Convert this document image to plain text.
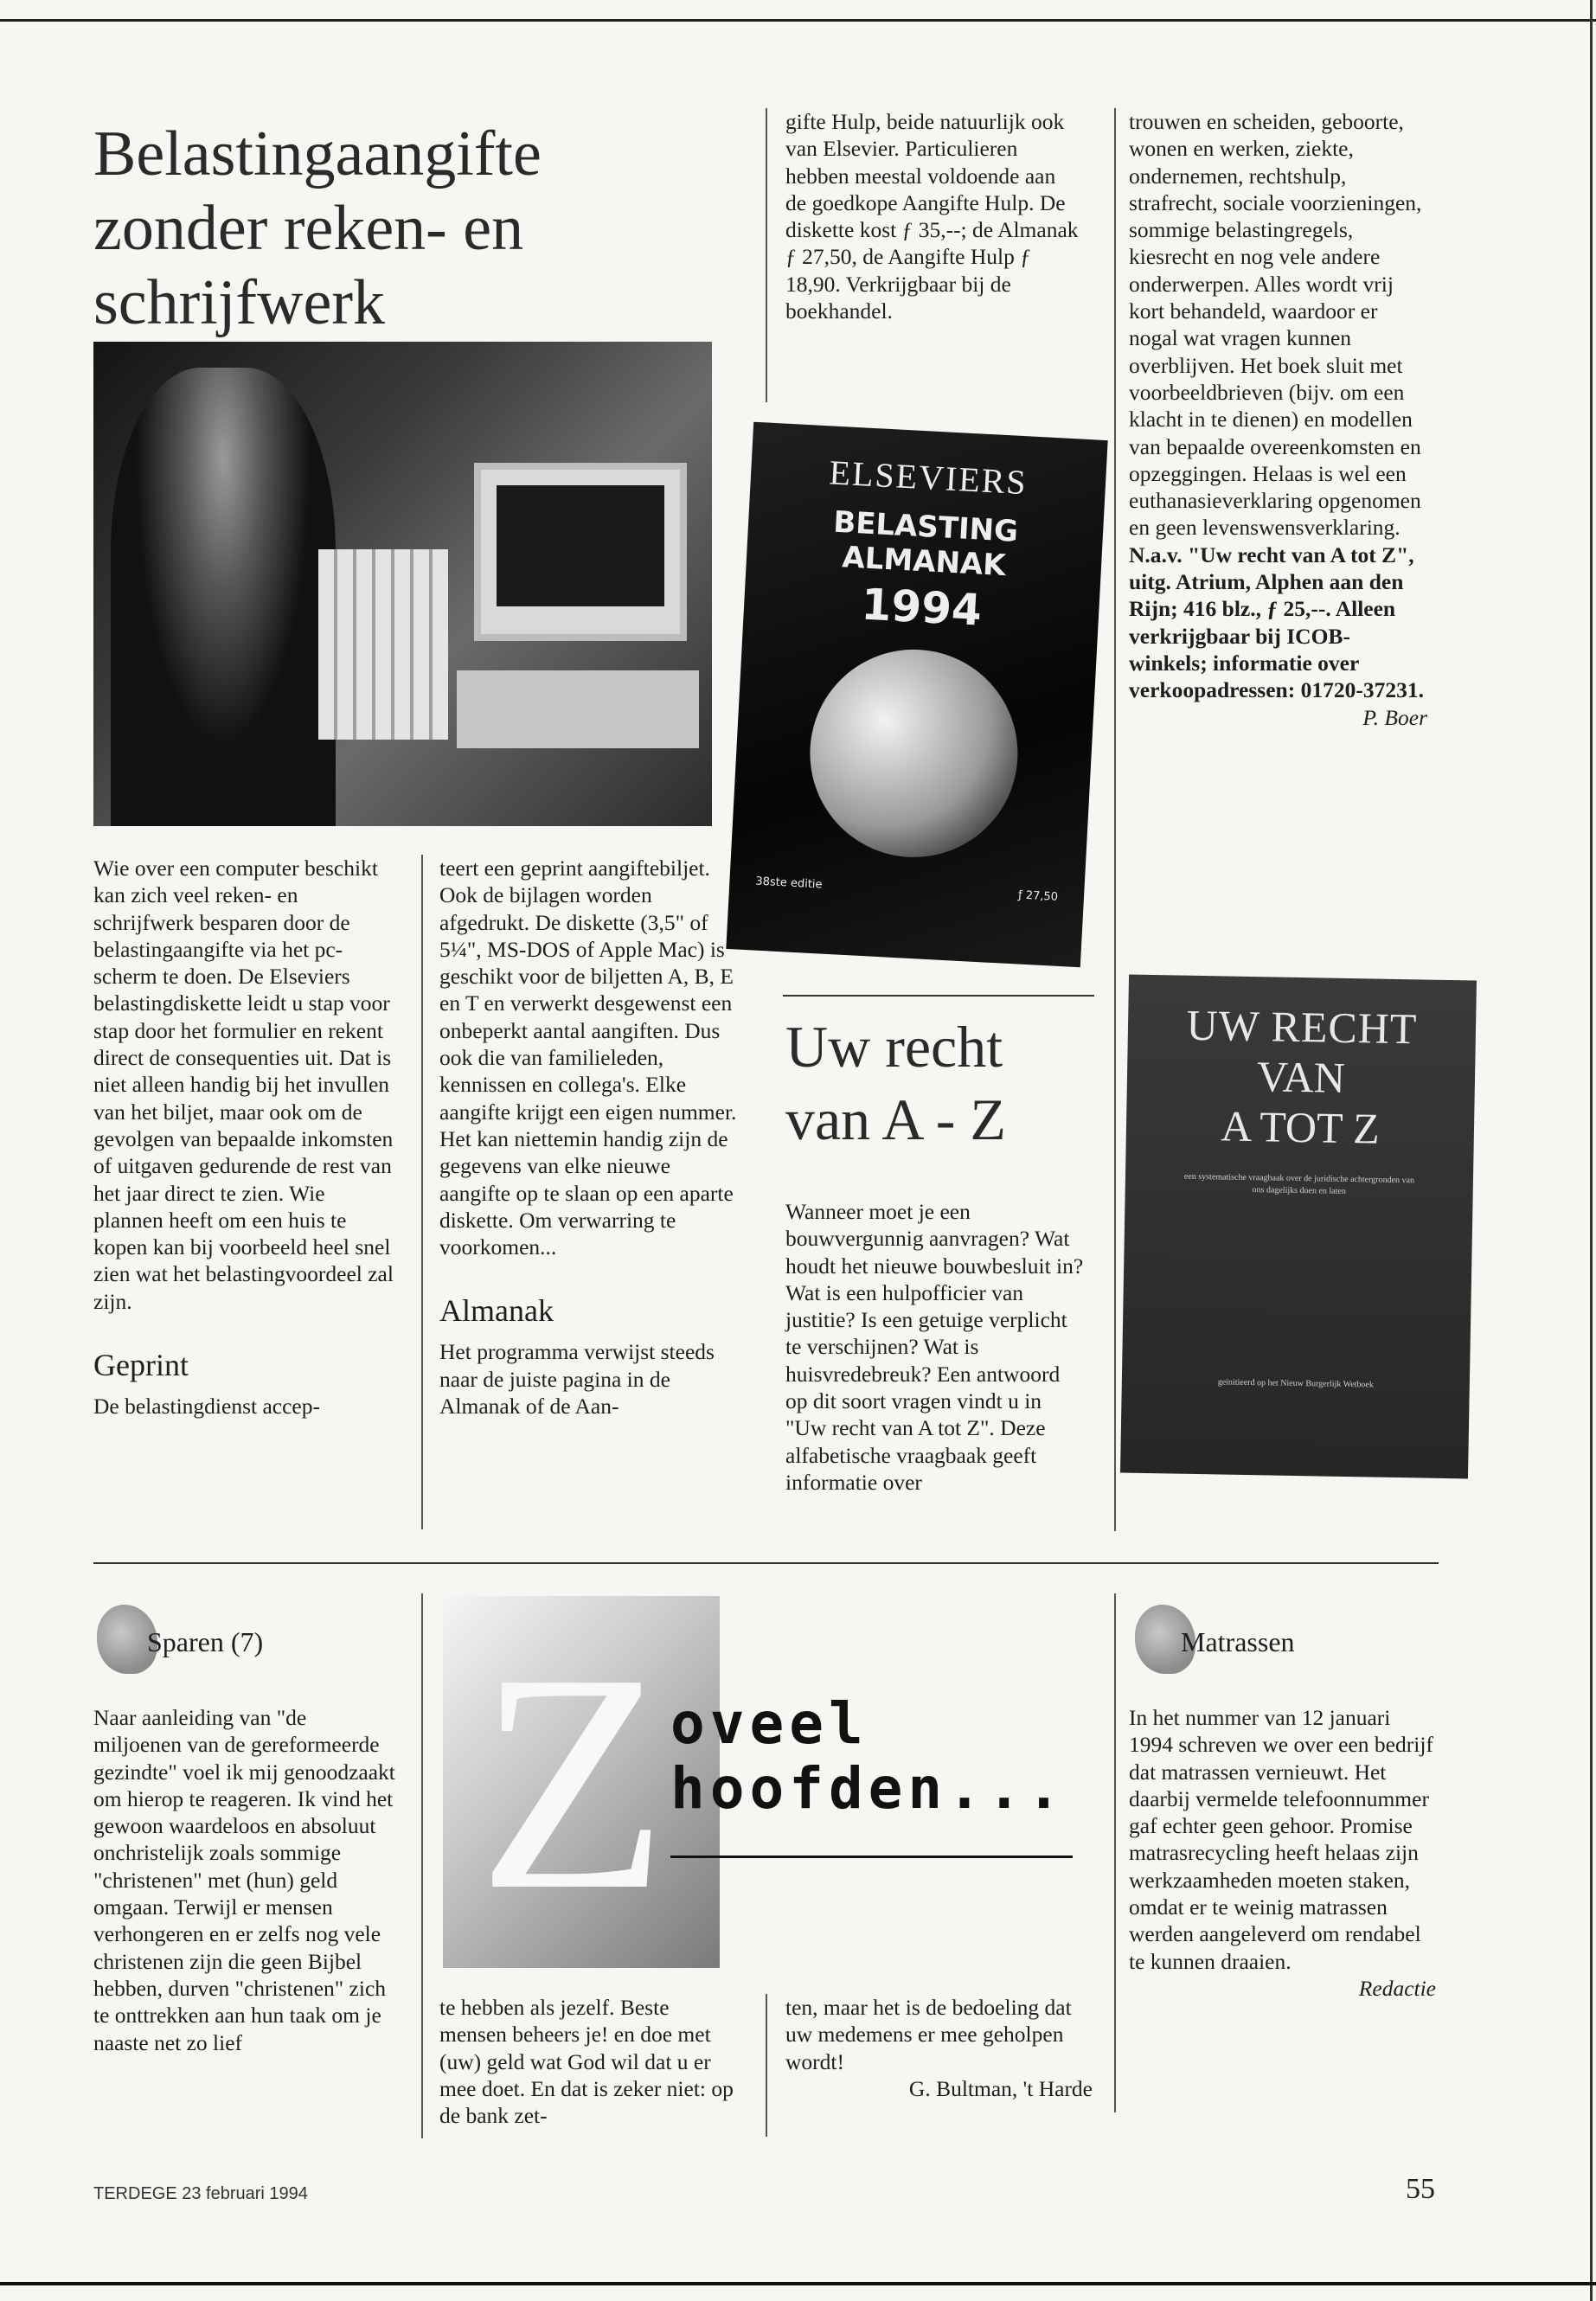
Belastingaangifte zonder reken- en schrijfwerk

Wie over een computer beschikt kan zich veel reken- en schrijfwerk besparen door de belastingaangifte via het pc-scherm te doen. De Elseviers belastingdiskette leidt u stap voor stap door het formulier en rekent direct de consequenties uit. Dat is niet alleen handig bij het invullen van het biljet, maar ook om de gevolgen van bepaalde inkomsten of uitgaven gedurende de rest van het jaar direct te zien. Wie plannen heeft om een huis te kopen kan bij voorbeeld heel snel zien wat het belastingvoordeel zal zijn.

Geprint

De belastingdienst accep-

teert een geprint aangiftebiljet. Ook de bijlagen worden afgedrukt. De diskette (3,5" of 5¼", MS-DOS of Apple Mac) is geschikt voor de biljetten A, B, E en T en verwerkt desgewenst een onbeperkt aantal aangiften. Dus ook die van familieleden, kennissen en collega's. Elke aangifte krijgt een eigen nummer. Het kan niettemin handig zijn de gegevens van elke nieuwe aangifte op te slaan op een aparte diskette. Om verwarring te voorkomen...

Almanak

Het programma verwijst steeds naar de juiste pagina in de Almanak of de Aan-

gifte Hulp, beide natuurlijk ook van Elsevier. Particulieren hebben meestal voldoende aan de goedkope Aangifte Hulp. De diskette kost ƒ 35,--; de Almanak ƒ 27,50, de Aangifte Hulp ƒ 18,90. Verkrijgbaar bij de boekhandel.

ELSEVIERS
BELASTING ALMANAK
1994
38ste editie
ƒ 27,50
Uw recht van A - Z

Wanneer moet je een bouwvergunnig aanvragen? Wat houdt het nieuwe bouwbesluit in? Wat is een hulpofficier van justitie? Is een getuige verplicht te verschijnen? Wat is huisvredebreuk? Een antwoord op dit soort vragen vindt u in "Uw recht van A tot Z". Deze alfabetische vraagbaak geeft informatie over

trouwen en scheiden, geboorte, wonen en werken, ziekte, ondernemen, rechtshulp, strafrecht, sociale voorzieningen, sommige belastingregels, kiesrecht en nog vele andere onderwerpen. Alles wordt vrij kort behandeld, waardoor er nogal wat vragen kunnen overblijven. Het boek sluit met voorbeeldbrieven (bijv. om een klacht in te dienen) en modellen van bepaalde overeenkomsten en opzeggingen. Helaas is wel een euthanasieverklaring opgenomen en geen levenswensverklaring.

N.a.v. "Uw recht van A tot Z", uitg. Atrium, Alphen aan den Rijn; 416 blz., ƒ 25,--. Alleen verkrijgbaar bij ICOB-winkels; informatie over verkoopadressen: 01720-37231.

P. Boer

UW RECHT
VAN
A TOT Z
een systematische vraagbaak over de juridische achtergronden van ons dagelijks doen en laten
geïnitieerd op het Nieuw Burgerlijk Wetboek
Sparen (7)

Naar aanleiding van "de miljoenen van de gereformeerde gezindte" voel ik mij genoodzaakt om hierop te reageren. Ik vind het gewoon waardeloos en absoluut onchristelijk zoals sommige "christenen" met (hun) geld omgaan. Terwijl er mensen verhongeren en er zelfs nog vele christenen zijn die geen Bijbel hebben, durven "christenen" zich te onttrekken aan hun taak om je naaste net zo lief

Z oveel
hoofden...

te hebben als jezelf. Beste mensen beheers je! en doe met (uw) geld wat God wil dat u er mee doet. En dat is zeker niet: op de bank zet-

ten, maar het is de bedoeling dat uw medemens er mee geholpen wordt!

G. Bultman, 't Harde

Matrassen

In het nummer van 12 januari 1994 schreven we over een bedrijf dat matrassen vernieuwt. Het daarbij vermelde telefoonnummer gaf echter geen gehoor. Promise matrasrecycling heeft helaas zijn werkzaamheden moeten staken, omdat er te weinig matrassen werden aangeleverd om rendabel te kunnen draaien.

Redactie

TERDEGE 23 februari 1994	55
